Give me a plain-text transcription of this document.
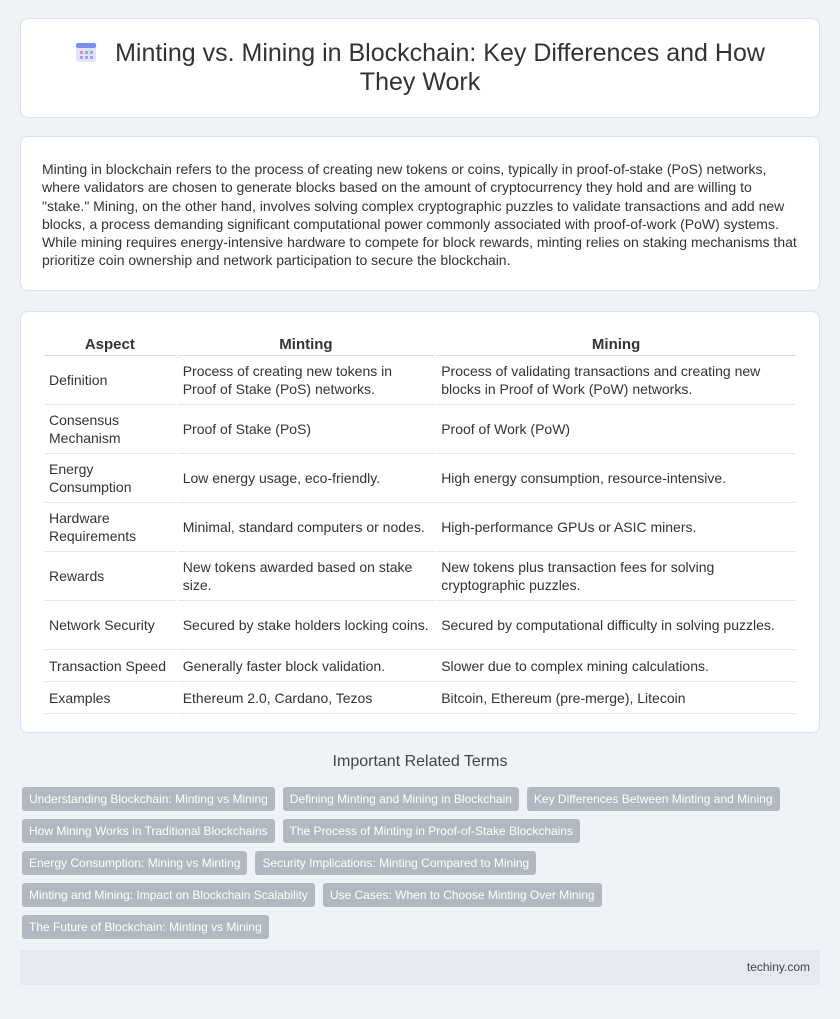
Minting vs. Mining in Blockchain: Key Differences and How They Work

Minting in blockchain refers to the process of creating new tokens or coins, typically in proof-of-stake (PoS) networks, where validators are chosen to generate blocks based on the amount of cryptocurrency they hold and are willing to "stake." Mining, on the other hand, involves solving complex cryptographic puzzles to validate transactions and add new blocks, a process demanding significant computational power commonly associated with proof-of-work (PoW) systems. While mining requires energy-intensive hardware to compete for block rewards, minting relies on staking mechanisms that prioritize coin ownership and network participation to secure the blockchain.

Aspect	Minting	Mining
Definition	Process of creating new tokens in Proof of Stake (PoS) networks.	Process of validating transactions and creating new blocks in Proof of Work (PoW) networks.
Consensus Mechanism	Proof of Stake (PoS)	Proof of Work (PoW)
Energy Consumption	Low energy usage, eco-friendly.	High energy consumption, resource-intensive.
Hardware Requirements	Minimal, standard computers or nodes.	High-performance GPUs or ASIC miners.
Rewards	New tokens awarded based on stake size.	New tokens plus transaction fees for solving cryptographic puzzles.
Network Security	Secured by stake holders locking coins.	Secured by computational difficulty in solving puzzles.
Transaction Speed	Generally faster block validation.	Slower due to complex mining calculations.
Examples	Ethereum 2.0, Cardano, Tezos	Bitcoin, Ethereum (pre-merge), Litecoin
Important Related Terms
Understanding Blockchain: Minting vs Mining	Defining Minting and Mining in Blockchain	Key Differences Between Minting and Mining
How Mining Works in Traditional Blockchains	The Process of Minting in Proof-of-Stake Blockchains
Energy Consumption: Mining vs Minting	Security Implications: Minting Compared to Mining
Minting and Mining: Impact on Blockchain Scalability	Use Cases: When to Choose Minting Over Mining
The Future of Blockchain: Minting vs Mining
techiny.com
